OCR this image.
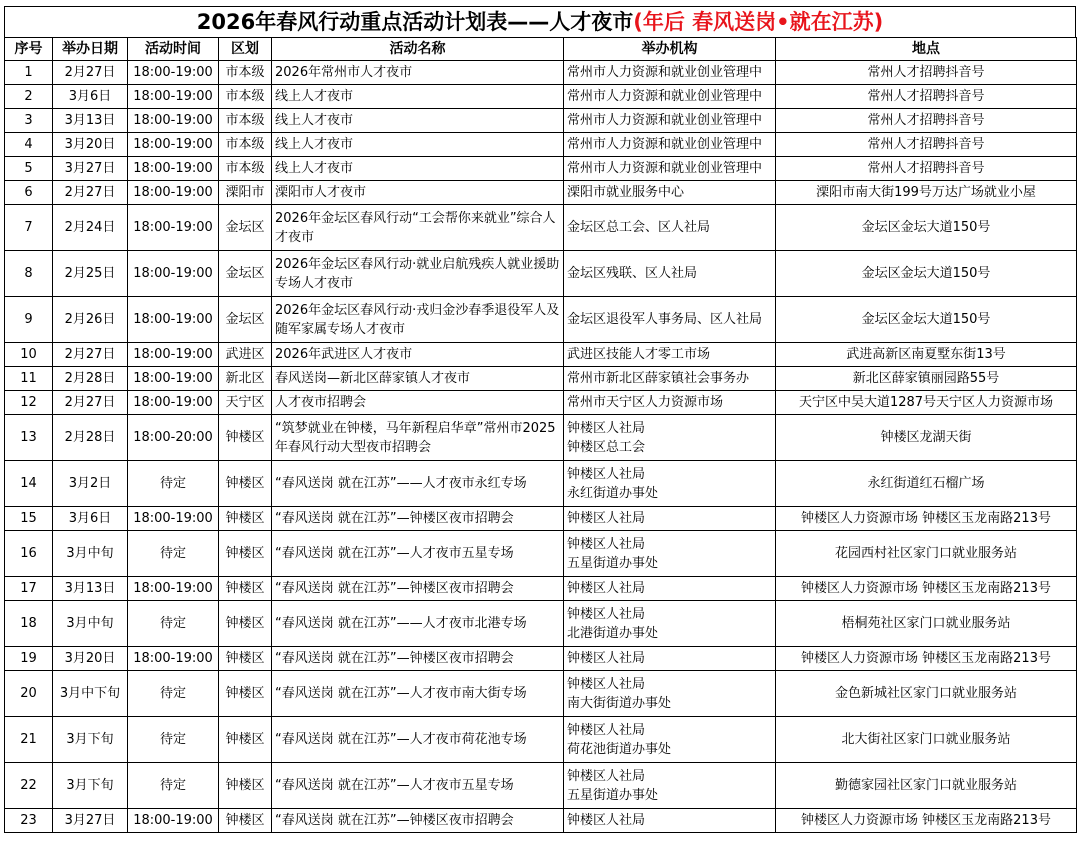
2026年春风行动重点活动计划表——人才夜市(年后 春风送岗•就在江苏)
序号	举办日期	活动时间	区划	活动名称	举办机构	地点
1	2月27日	18:00-19:00	市本级	2026年常州市人才夜市	常州市人力资源和就业创业管理中	常州人才招聘抖音号
2	3月6日	18:00-19:00	市本级	线上人才夜市	常州市人力资源和就业创业管理中	常州人才招聘抖音号
3	3月13日	18:00-19:00	市本级	线上人才夜市	常州市人力资源和就业创业管理中	常州人才招聘抖音号
4	3月20日	18:00-19:00	市本级	线上人才夜市	常州市人力资源和就业创业管理中	常州人才招聘抖音号
5	3月27日	18:00-19:00	市本级	线上人才夜市	常州市人力资源和就业创业管理中	常州人才招聘抖音号
6	2月27日	18:00-19:00	溧阳市	溧阳市人才夜市	溧阳市就业服务中心	溧阳市南大街199号万达广场就业小屋
7	2月24日	18:00-19:00	金坛区	2026年金坛区春风行动“工会帮你来就业”综合人才夜市	金坛区总工会、区人社局	金坛区金坛大道150号
8	2月25日	18:00-19:00	金坛区	2026年金坛区春风行动·就业启航残疾人就业援助专场人才夜市	金坛区残联、区人社局	金坛区金坛大道150号
9	2月26日	18:00-19:00	金坛区	2026年金坛区春风行动·戎归金沙春季退役军人及随军家属专场人才夜市	金坛区退役军人事务局、区人社局	金坛区金坛大道150号
10	2月27日	18:00-19:00	武进区	2026年武进区人才夜市	武进区技能人才零工市场	武进高新区南夏墅东街13号
11	2月28日	18:00-19:00	新北区	春风送岗—新北区薛家镇人才夜市	常州市新北区薛家镇社会事务办	新北区薛家镇丽园路55号
12	2月27日	18:00-19:00	天宁区	人才夜市招聘会	常州市天宁区人力资源市场	天宁区中吴大道1287号天宁区人力资源市场
13	2月28日	18:00-20:00	钟楼区	“筑梦就业在钟楼，马年新程启华章”常州市2025年春风行动大型夜市招聘会	钟楼区人社局
钟楼区总工会	钟楼区龙湖天街
14	3月2日	待定	钟楼区	“春风送岗 就在江苏”——人才夜市永红专场	钟楼区人社局
永红街道办事处	永红街道红石榴广场
15	3月6日	18:00-19:00	钟楼区	“春风送岗 就在江苏”—钟楼区夜市招聘会	钟楼区人社局	钟楼区人力资源市场 钟楼区玉龙南路213号
16	3月中旬	待定	钟楼区	“春风送岗 就在江苏”—人才夜市五星专场	钟楼区人社局
五星街道办事处	花园西村社区家门口就业服务站
17	3月13日	18:00-19:00	钟楼区	“春风送岗 就在江苏”—钟楼区夜市招聘会	钟楼区人社局	钟楼区人力资源市场 钟楼区玉龙南路213号
18	3月中旬	待定	钟楼区	“春风送岗 就在江苏”——人才夜市北港专场	钟楼区人社局
北港街道办事处	梧桐苑社区家门口就业服务站
19	3月20日	18:00-19:00	钟楼区	“春风送岗 就在江苏”—钟楼区夜市招聘会	钟楼区人社局	钟楼区人力资源市场 钟楼区玉龙南路213号
20	3月中下旬	待定	钟楼区	“春风送岗 就在江苏”—人才夜市南大街专场	钟楼区人社局
南大街街道办事处	金色新城社区家门口就业服务站
21	3月下旬	待定	钟楼区	“春风送岗 就在江苏”—人才夜市荷花池专场	钟楼区人社局
荷花池街道办事处	北大街社区家门口就业服务站
22	3月下旬	待定	钟楼区	“春风送岗 就在江苏”—人才夜市五星专场	钟楼区人社局
五星街道办事处	勤德家园社区家门口就业服务站
23	3月27日	18:00-19:00	钟楼区	“春风送岗 就在江苏”—钟楼区夜市招聘会	钟楼区人社局	钟楼区人力资源市场 钟楼区玉龙南路213号
